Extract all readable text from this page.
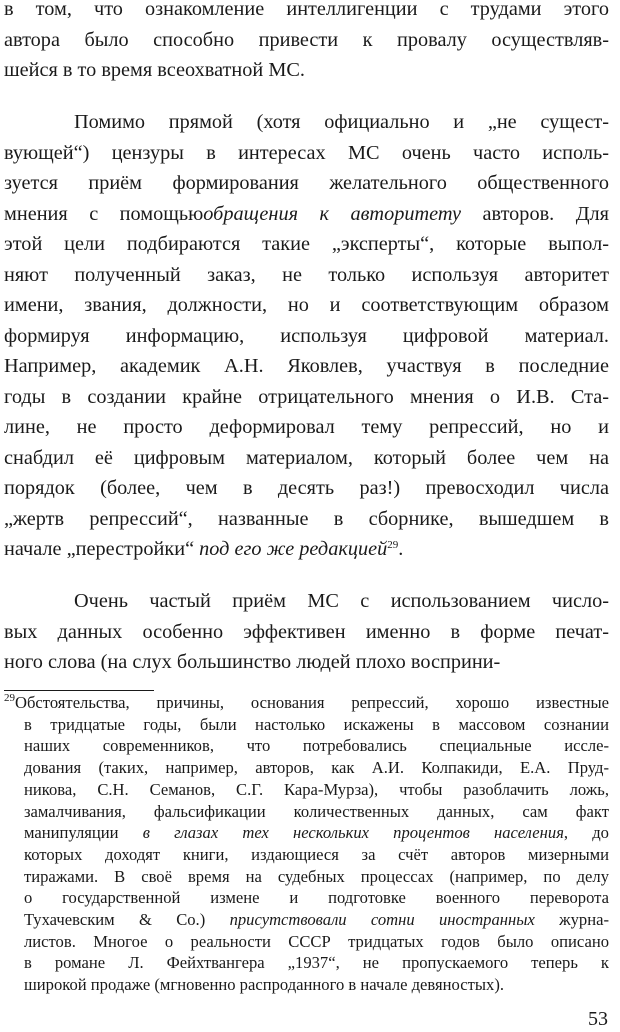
в том, что ознакомление интеллигенции с трудами этого
автора было способно привести к провалу осуществляв-
шейся в то время всеохватной МС.
Помимо прямой (хотя официально и „не сущест-
вующей“) цензуры в интересах МС очень часто исполь-
зуется приём формирования желательного общественного
мнения с помощьюобращения к авторитету авторов. Для
этой цели подбираются такие „эксперты“, которые выпол-
няют полученный заказ, не только используя авторитет
имени, звания, должности, но и соответствующим образом
формируя информацию, используя цифровой материал.
Например, академик А.Н. Яковлев, участвуя в последние
годы в создании крайне отрицательного мнения о И.В. Ста-
лине, не просто деформировал тему репрессий, но и
снабдил её цифровым материалом, который более чем на
порядок (более, чем в десять раз!) превосходил числа
„жертв репрессий“, названные в сборнике, вышедшем в
начале „перестройки“ под его же редакцией$^{29}$.
Очень частый приём МС с использованием числo-
вых данных особенно эффективен именно в форме печат-
ного слова (на слух большинство людей плохо восприни-
$^{29}$Обстоятельства, причины, основания репрессий, хорошо известные
в тридцатые годы, были настолько искажены в массовом сознании
наших современников, что потребовались специальные иссле-
дования (таких, например, авторов, как А.И. Колпакиди, Е.А. Пруд-
никова, С.Н. Семанов, С.Г. Кара-Мурза), чтобы разоблачить ложь,
замалчивания, фальсификации количественных данных, сам факт
манипуляции в глазах тех нескольких процентов населения, до
которых доходят книги, издающиеся за счёт авторов мизерными
тиражами. В своё время на судебных процессах (например, по делу
о государственной измене и подготовке военного переворота
Тухачевским & Со.) присутствовали сотни иностранных журна-
листов. Многое о реальности СССР тридцатых годов было описано
в романе Л. Фейхтвангера „1937“, не пропускаемого теперь к
широкой продаже (мгновенно распроданного в начале девяностых).
53
